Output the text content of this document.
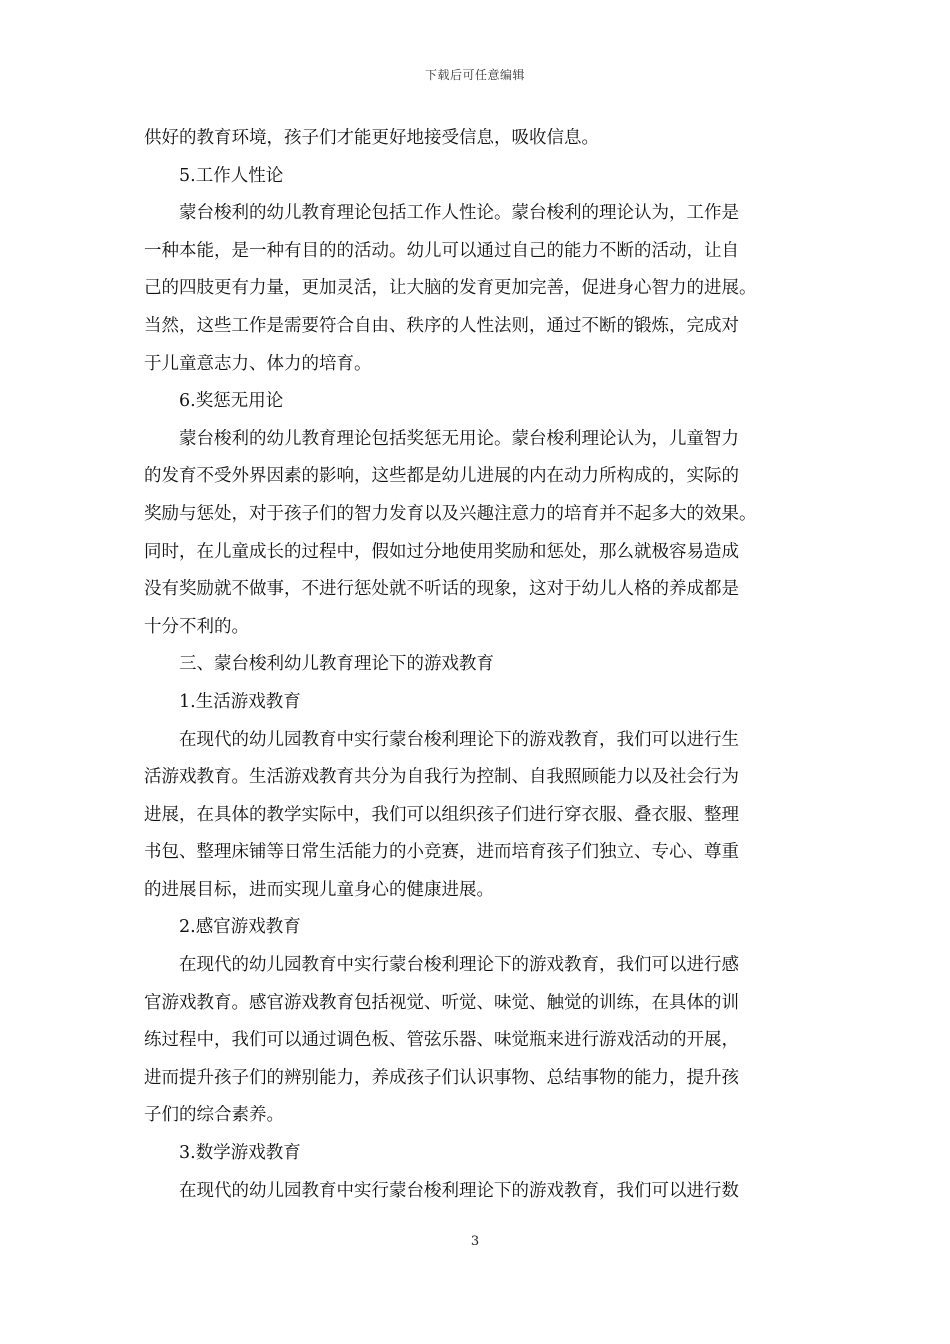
下载后可任意编辑
供好的教育环境，孩子们才能更好地接受信息，吸收信息。
5.工作人性论
蒙台梭利的幼儿教育理论包括工作人性论。蒙台梭利的理论认为，工作是
一种本能，是一种有目的的活动。幼儿可以通过自己的能力不断的活动，让自
己的四肢更有力量，更加灵活，让大脑的发育更加完善，促进身心智力的进展。
当然，这些工作是需要符合自由、秩序的人性法则，通过不断的锻炼，完成对
于儿童意志力、体力的培育。
6.奖惩无用论
蒙台梭利的幼儿教育理论包括奖惩无用论。蒙台梭利理论认为，儿童智力
的发育不受外界因素的影响，这些都是幼儿进展的内在动力所构成的，实际的
奖励与惩处，对于孩子们的智力发育以及兴趣注意力的培育并不起多大的效果。
同时，在儿童成长的过程中，假如过分地使用奖励和惩处，那么就极容易造成
没有奖励就不做事，不进行惩处就不听话的现象，这对于幼儿人格的养成都是
十分不利的。
三、蒙台梭利幼儿教育理论下的游戏教育
1.生活游戏教育
在现代的幼儿园教育中实行蒙台梭利理论下的游戏教育，我们可以进行生
活游戏教育。生活游戏教育共分为自我行为控制、自我照顾能力以及社会行为
进展，在具体的教学实际中，我们可以组织孩子们进行穿衣服、叠衣服、整理
书包、整理床铺等日常生活能力的小竞赛，进而培育孩子们独立、专心、尊重
的进展目标，进而实现儿童身心的健康进展。
2.感官游戏教育
在现代的幼儿园教育中实行蒙台梭利理论下的游戏教育，我们可以进行感
官游戏教育。感官游戏教育包括视觉、听觉、味觉、触觉的训练，在具体的训
练过程中，我们可以通过调色板、管弦乐器、味觉瓶来进行游戏活动的开展，
进而提升孩子们的辨别能力，养成孩子们认识事物、总结事物的能力，提升孩
子们的综合素养。
3.数学游戏教育
在现代的幼儿园教育中实行蒙台梭利理论下的游戏教育，我们可以进行数
3
